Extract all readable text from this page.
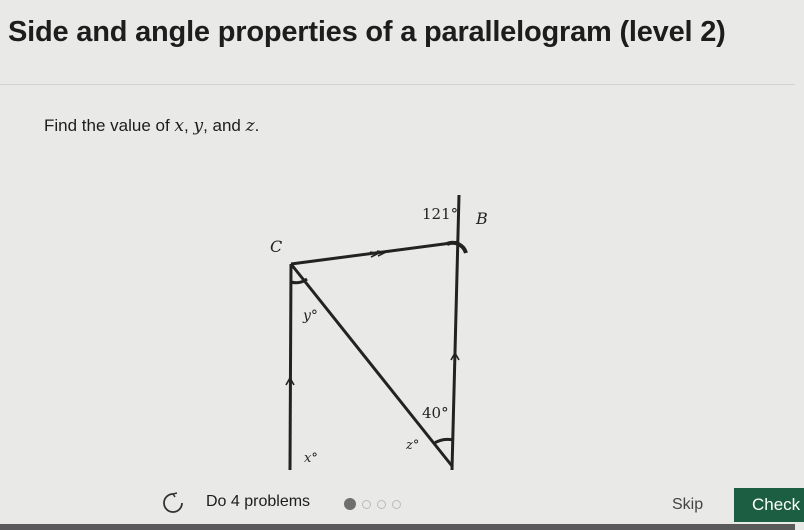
Side and angle properties of a parallelogram (level 2)
Find the value of x, y, and z.
B
C
121°
y°
40°
z°
x°
Do 4 problems	Skip	Check
